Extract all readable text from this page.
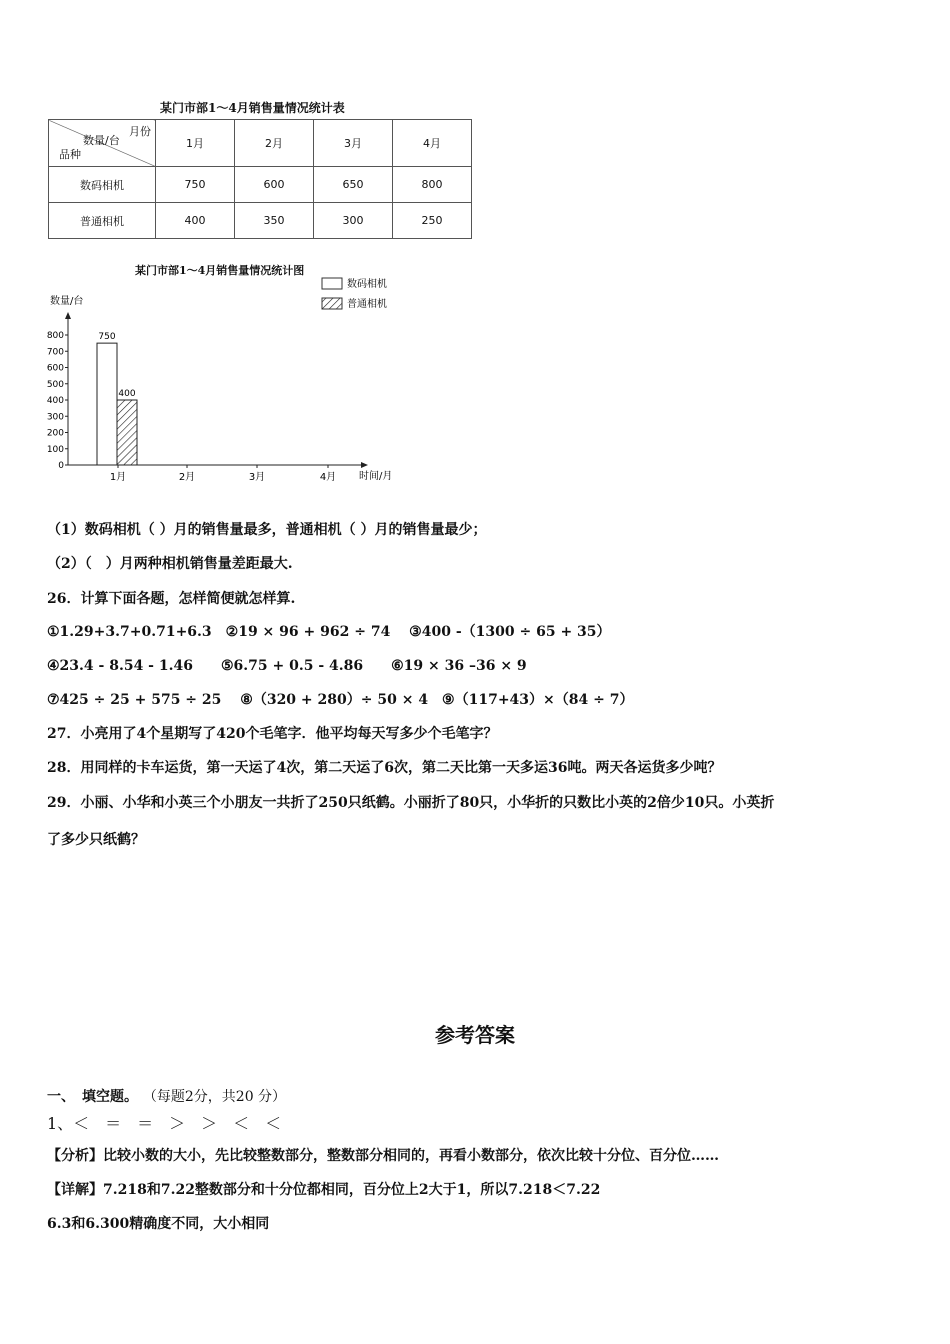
某门市部1～4月销售量情况统计表
月份
数量/台
品种	1月	2月	3月	4月
数码相机	750	600	650	800
普通相机	400	350	300	250
某门市部1～4月销售量情况统计图
数量/台
时间/月
数码相机
普通相机
0
100
200
300
400
500
600
700
800
1月	2月	3月	4月
750
400
（1）数码相机（ ）月的销售量最多，普通相机（ ）月的销售量最少；
（2）（　）月两种相机销售量差距最大.
26．计算下面各题，怎样简便就怎样算.
①1.29+3.7+0.71+6.3　②19 × 96 + 962 ÷ 74　 ③400 -（1300 ÷ 65 + 35）
④23.4 - 8.54 - 1.46　　⑤6.75 + 0.5 - 4.86　　⑥19 × 36 –36 × 9
⑦425 ÷ 25 + 575 ÷ 25　 ⑧（320 + 280）÷ 50 × 4　⑨（117+43）×（84 ÷ 7）
27．小亮用了4个星期写了420个毛笔字．他平均每天写多少个毛笔字？
28．用同样的卡车运货，第一天运了4次，第二天运了6次，第二天比第一天多运36吨。两天各运货多少吨？
29．小丽、小华和小英三个小朋友一共折了250只纸鹤。小丽折了80只，小华折的只数比小英的2倍少10只。小英折
了多少只纸鹤？
参考答案
一、　填空题。 （每题2分，共20 分）
1、＜　＝　＝　＞　＞　＜　＜
【分析】比较小数的大小，先比较整数部分，整数部分相同的，再看小数部分，依次比较十分位、百分位……
【详解】7.218和7.22整数部分和十分位都相同，百分位上2大于1，所以7.218＜7.22
6.3和6.300精确度不同，大小相同
